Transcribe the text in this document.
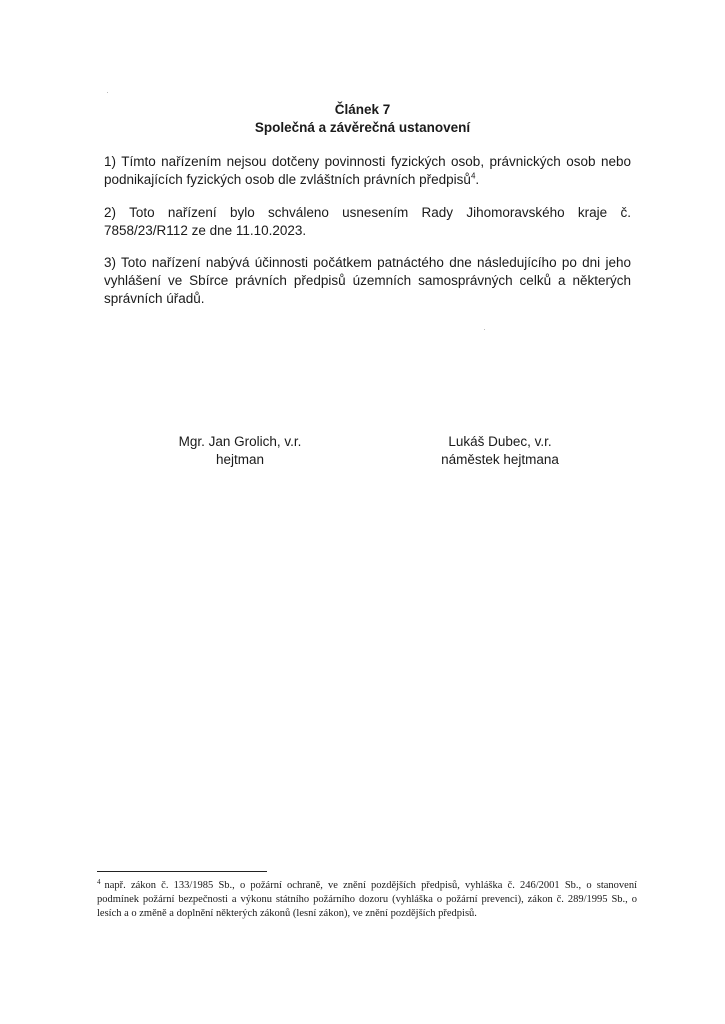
Článek 7
Společná a závěrečná ustanovení
1) Tímto nařízením nejsou dotčeny povinnosti fyzických osob, právnických osob nebo podnikajících fyzických osob dle zvláštních právních předpisů$^4$.
2) Toto nařízení bylo schváleno usnesením Rady Jihomoravského kraje č. 7858/23/R112 ze dne 11.10.2023.
3) Toto nařízení nabývá účinnosti počátkem patnáctého dne následujícího po dni jeho vyhlášení ve Sbírce právních předpisů územních samosprávných celků a některých správních úřadů.
Mgr. Jan Grolich, v.r.
hejtman
Lukáš Dubec, v.r.
náměstek hejtmana
$^4$ např. zákon č. 133/1985 Sb., o požární ochraně, ve znění pozdějších předpisů, vyhláška č. 246/2001 Sb., o stanovení podmínek požární bezpečnosti a výkonu státního požárního dozoru (vyhláška o požární prevenci), zákon č. 289/1995 Sb., o lesích a o změně a doplnění některých zákonů (lesní zákon), ve znění pozdějších předpisů.
